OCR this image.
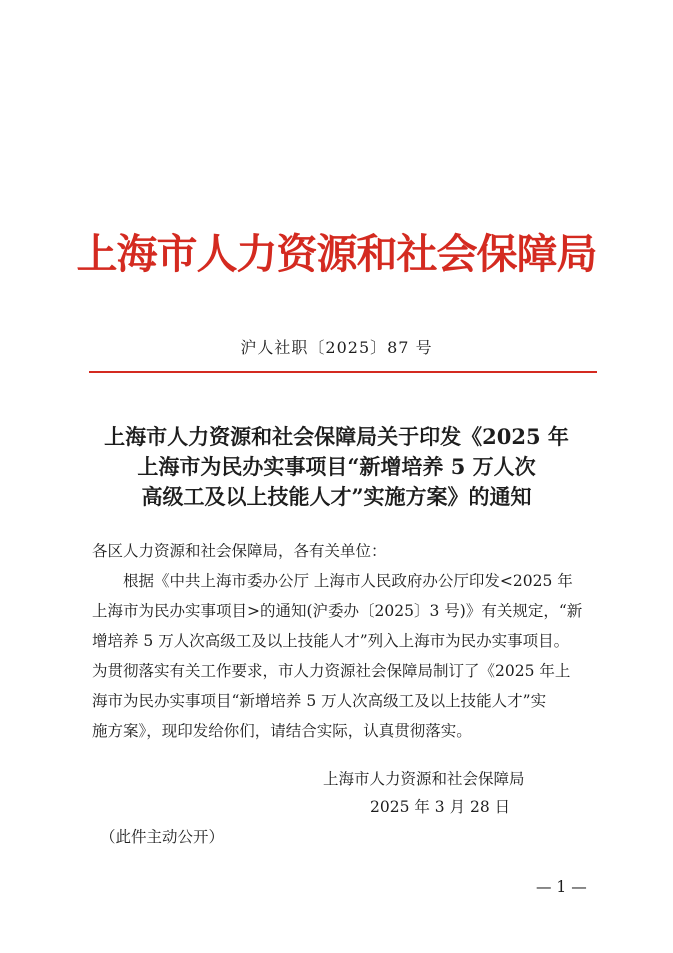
上海市人力资源和社会保障局
沪人社职〔2025〕87 号
上海市人力资源和社会保障局关于印发《2025 年
上海市为民办实事项目“新增培养 5 万人次
高级工及以上技能人才”实施方案》的通知
各区人力资源和社会保障局，各有关单位：
根据《中共上海市委办公厅 上海市人民政府办公厅印发<2025 年
上海市为民办实事项目>的通知(沪委办〔2025〕3 号)》有关规定，“新
增培养 5 万人次高级工及以上技能人才”列入上海市为民办实事项目。
为贯彻落实有关工作要求，市人力资源社会保障局制订了《2025 年上
海市为民办实事项目“新增培养 5 万人次高级工及以上技能人才”实
施方案》，现印发给你们，请结合实际，认真贯彻落实。
上海市人力资源和社会保障局
2025 年 3 月 28 日
（此件主动公开）
— 1 —
